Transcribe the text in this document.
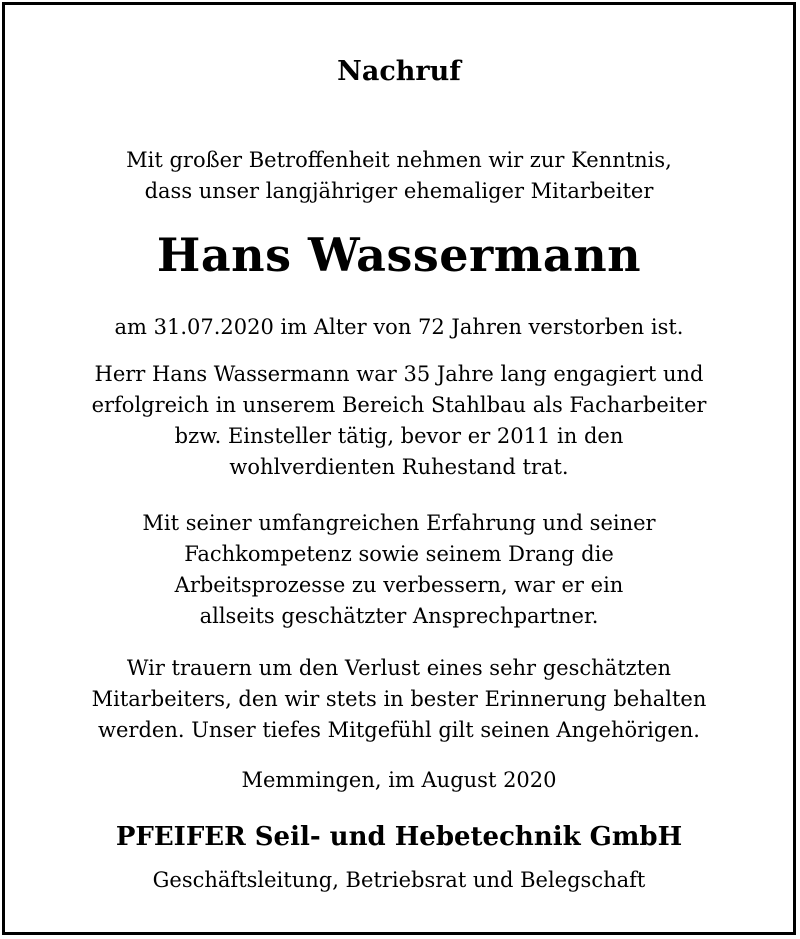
Nachruf

Mit großer Betroffenheit nehmen wir zur Kenntnis,
dass unser langjähriger ehemaliger Mitarbeiter

Hans Wassermann

am 31.07.2020 im Alter von 72 Jahren verstorben ist.

Herr Hans Wassermann war 35 Jahre lang engagiert und
erfolgreich in unserem Bereich Stahlbau als Facharbeiter
bzw. Einsteller tätig, bevor er 2011 in den
wohlverdienten Ruhestand trat.

Mit seiner umfangreichen Erfahrung und seiner
Fachkompetenz sowie seinem Drang die
Arbeitsprozesse zu verbessern, war er ein
allseits geschätzter Ansprechpartner.

Wir trauern um den Verlust eines sehr geschätzten
Mitarbeiters, den wir stets in bester Erinnerung behalten
werden. Unser tiefes Mitgefühl gilt seinen Angehörigen.

Memmingen, im August 2020

PFEIFER Seil- und Hebetechnik GmbH

Geschäftsleitung, Betriebsrat und Belegschaft
